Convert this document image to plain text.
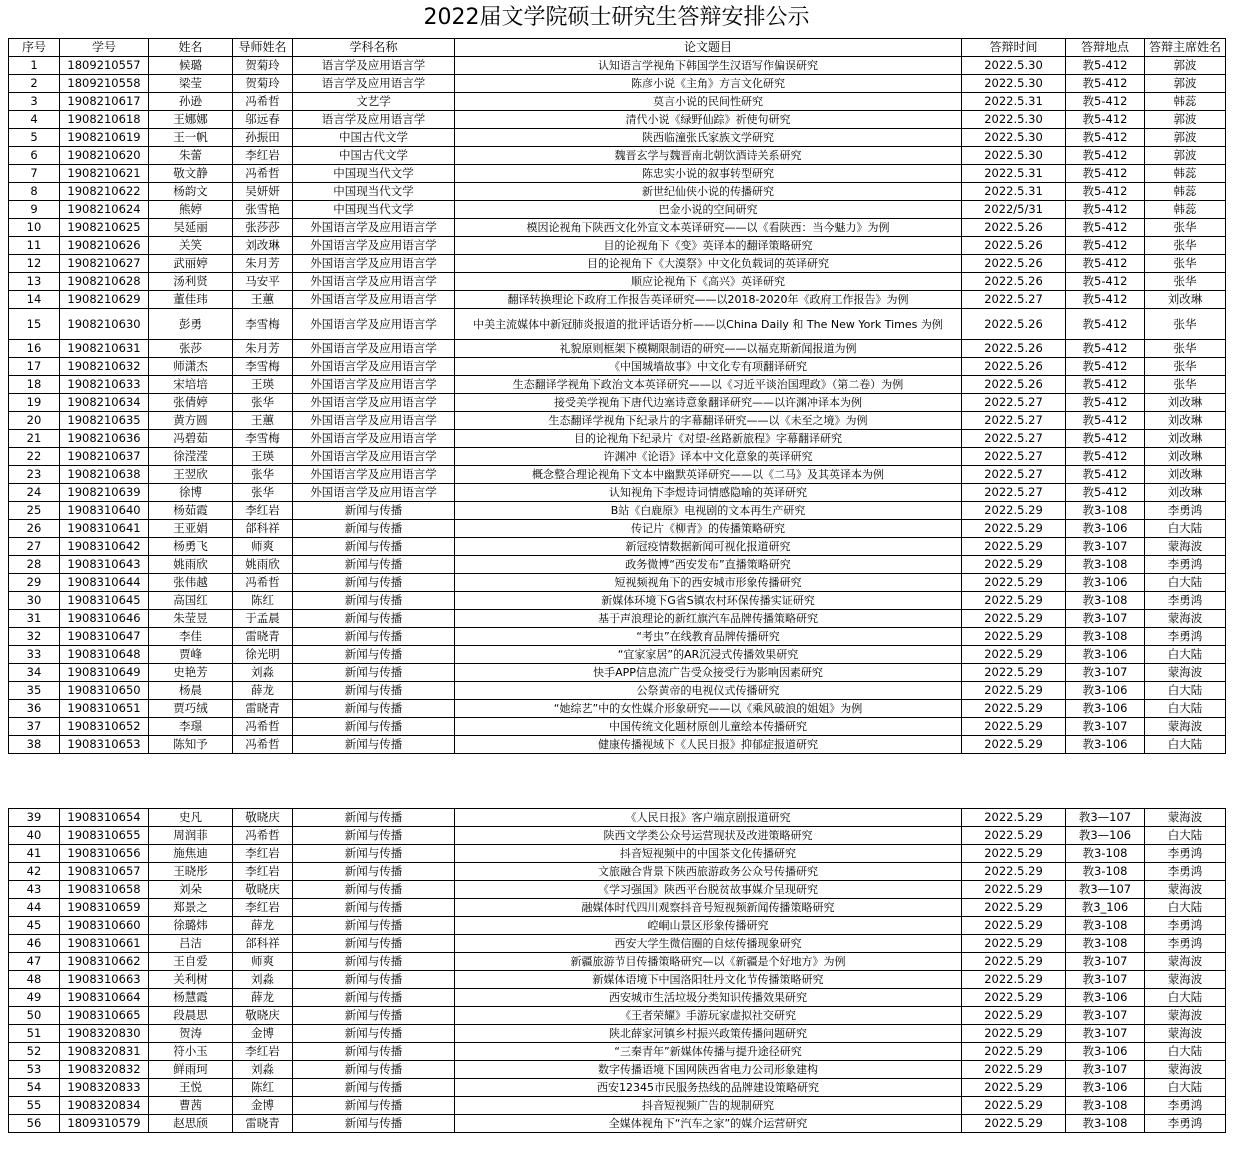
2022届文学院硕士研究生答辩安排公示
序号	学号	姓名	导师姓名	学科名称	论文题目	答辩时间	答辩地点	答辩主席姓名
1	1809210557	候璐	贺菊玲	语言学及应用语言学	认知语言学视角下韩国学生汉语写作偏误研究	2022.5.30	教5-412	郭波
2	1809210558	梁莹	贺菊玲	语言学及应用语言学	陈彦小说《主角》方言文化研究	2022.5.30	教5-412	郭波
3	1908210617	孙逊	冯希哲	文艺学	莫言小说的民间性研究	2022.5.31	教5-412	韩蕊
4	1908210618	王娜娜	邬远春	语言学及应用语言学	清代小说《绿野仙踪》祈使句研究	2022.5.30	教5-412	郭波
5	1908210619	王一帆	孙振田	中国古代文学	陕西临潼张氏家族文学研究	2022.5.30	教5-412	郭波
6	1908210620	朱蕾	李红岩	中国古代文学	魏晋玄学与魏晋南北朝饮酒诗关系研究	2022.5.30	教5-412	郭波
7	1908210621	敬文静	冯希哲	中国现当代文学	陈忠实小说的叙事转型研究	2022.5.31	教5-412	韩蕊
8	1908210622	杨韵文	吴妍妍	中国现当代文学	新世纪仙侠小说的传播研究	2022.5.31	教5-412	韩蕊
9	1908210624	熊婷	张雪艳	中国现当代文学	巴金小说的空间研究	2022/5/31	教5-412	韩蕊
10	1908210625	吴延丽	张莎莎	外国语言学及应用语言学	模因论视角下陕西文化外宣文本英译研究——以《看陕西：当今魅力》为例	2022.5.26	教5-412	张华
11	1908210626	关笑	刘改琳	外国语言学及应用语言学	目的论视角下《变》英译本的翻译策略研究	2022.5.26	教5-412	张华
12	1908210627	武丽婷	朱月芳	外国语言学及应用语言学	目的论视角下《大漠祭》中文化负载词的英译研究	2022.5.26	教5-412	张华
13	1908210628	汤利贤	马安平	外国语言学及应用语言学	顺应论视角下《高兴》英译研究	2022.5.26	教5-412	张华
14	1908210629	董佳玮	王蕙	外国语言学及应用语言学	翻译转换理论下政府工作报告英译研究——以2018-2020年《政府工作报告》为例	2022.5.27	教5-412	刘改琳
15	1908210630	彭勇	李雪梅	外国语言学及应用语言学	中美主流媒体中新冠肺炎报道的批评话语分析——以China Daily 和 The New York Times 为例	2022.5.26	教5-412	张华
16	1908210631	张莎	朱月芳	外国语言学及应用语言学	礼貌原则框架下模糊限制语的研究——以福克斯新闻报道为例	2022.5.26	教5-412	张华
17	1908210632	师潇杰	李雪梅	外国语言学及应用语言学	《中国城墙故事》中文化专有项翻译研究	2022.5.26	教5-412	张华
18	1908210633	宋培培	王瑛	外国语言学及应用语言学	生态翻译学视角下政治文本英译研究——以《习近平谈治国理政》（第二卷）为例	2022.5.26	教5-412	张华
19	1908210634	张倩婷	张华	外国语言学及应用语言学	接受美学视角下唐代边塞诗意象翻译研究——以许渊冲译本为例	2022.5.27	教5-412	刘改琳
20	1908210635	黄方圆	王蕙	外国语言学及应用语言学	生态翻译学视角下纪录片的字幕翻译研究——以《未至之境》为例	2022.5.27	教5-412	刘改琳
21	1908210636	冯碧茹	李雪梅	外国语言学及应用语言学	目的论视角下纪录片《对望-丝路新旅程》字幕翻译研究	2022.5.27	教5-412	刘改琳
22	1908210637	徐滢滢	王瑛	外国语言学及应用语言学	许渊冲《论语》译本中文化意象的英译研究	2022.5.27	教5-412	刘改琳
23	1908210638	王翌欣	张华	外国语言学及应用语言学	概念整合理论视角下文本中幽默英译研究——以《二马》及其英译本为例	2022.5.27	教5-412	刘改琳
24	1908210639	徐博	张华	外国语言学及应用语言学	认知视角下李煜诗词情感隐喻的英译研究	2022.5.27	教5-412	刘改琳
25	1908310640	杨茹霞	李红岩	新闻与传播	B站《白鹿原》电视剧的文本再生产研究	2022.5.29	教3-108	李勇鸿
26	1908310641	王亚娟	郃科祥	新闻与传播	传记片《柳青》的传播策略研究	2022.5.29	教3-106	白大陆
27	1908310642	杨勇飞	师爽	新闻与传播	新冠疫情数据新闻可视化报道研究	2022.5.29	教3-107	蒙海波
28	1908310643	姚雨欣	姚雨欣	新闻与传播	政务微博“西安发布”直播策略研究	2022.5.29	教3-108	李勇鸿
29	1908310644	张伟越	冯希哲	新闻与传播	短视频视角下的西安城市形象传播研究	2022.5.29	教3-106	白大陆
30	1908310645	高国红	陈红	新闻与传播	新媒体环境下G省S镇农村环保传播实证研究	2022.5.29	教3-108	李勇鸿
31	1908310646	朱莹昱	于孟晨	新闻与传播	基于声浪理论的新红旗汽车品牌传播策略研究	2022.5.29	教3-107	蒙海波
32	1908310647	李佳	雷晓青	新闻与传播	“考虫”在线教育品牌传播研究	2022.5.29	教3-108	李勇鸿
33	1908310648	贾峰	徐光明	新闻与传播	“宜家家居”的AR沉浸式传播效果研究	2022.5.29	教3-106	白大陆
34	1908310649	史艳芳	刘淼	新闻与传播	快手APP信息流广告受众接受行为影响因素研究	2022.5.29	教3-107	蒙海波
35	1908310650	杨晨	薛龙	新闻与传播	公祭黄帝的电视仪式传播研究	2022.5.29	教3-106	白大陆
36	1908310651	贾巧绒	雷晓青	新闻与传播	“她综艺”中的女性媒介形象研究——以《乘风破浪的姐姐》为例	2022.5.29	教3-106	白大陆
37	1908310652	李璟	冯希哲	新闻与传播	中国传统文化题材原创儿童绘本传播研究	2022.5.29	教3-107	蒙海波
38	1908310653	陈知予	冯希哲	新闻与传播	健康传播视域下《人民日报》抑郁症报道研究	2022.5.29	教3-106	白大陆
39	1908310654	史凡	敬晓庆	新闻与传播	《人民日报》客户端京剧报道研究	2022.5.29	教3—107	蒙海波
40	1908310655	周润菲	冯希哲	新闻与传播	陕西文学类公众号运营现状及改进策略研究	2022.5.29	教3—106	白大陆
41	1908310656	施焦迪	李红岩	新闻与传播	抖音短视频中的中国茶文化传播研究	2022.5.29	教3-108	李勇鸿
42	1908310657	王晓彤	李红岩	新闻与传播	文旅融合背景下陕西旅游政务公众号传播研究	2022.5.29	教3-108	李勇鸿
43	1908310658	刘朵	敬晓庆	新闻与传播	《学习强国》陕西平台脱贫故事媒介呈现研究	2022.5.29	教3—107	蒙海波
44	1908310659	郑景之	李红岩	新闻与传播	融媒体时代四川观察抖音号短视频新闻传播策略研究	2022.5.29	教3_106	白大陆
45	1908310660	徐璐炜	薛龙	新闻与传播	崆峒山景区形象传播研究	2022.5.29	教3-108	李勇鸿
46	1908310661	吕洁	郃科祥	新闻与传播	西安大学生微信圈的自炫传播现象研究	2022.5.29	教3-108	李勇鸿
47	1908310662	王自爱	师爽	新闻与传播	新疆旅游节目传播策略研究—以《新疆是个好地方》为例	2022.5.29	教3-107	蒙海波
48	1908310663	关利树	刘淼	新闻与传播	新媒体语境下中国洛阳牡丹文化节传播策略研究	2022.5.29	教3-107	蒙海波
49	1908310664	杨慧霞	薛龙	新闻与传播	西安城市生活垃圾分类知识传播效果研究	2022.5.29	教3-106	白大陆
50	1908310665	段晨思	敬晓庆	新闻与传播	《王者荣耀》手游玩家虚拟社交研究	2022.5.29	教3-107	蒙海波
51	1908320830	贺涛	金博	新闻与传播	陕北薛家河镇乡村振兴政策传播问题研究	2022.5.29	教3-107	蒙海波
52	1908320831	符小玉	李红岩	新闻与传播	“三秦青年”新媒体传播与提升途径研究	2022.5.29	教3-106	白大陆
53	1908320832	鲜雨珂	刘淼	新闻与传播	数字传播语境下国网陕西省电力公司形象建构	2022.5.29	教3-107	蒙海波
54	1908320833	王悦	陈红	新闻与传播	西安12345市民服务热线的品牌建设策略研究	2022.5.29	教3-106	白大陆
55	1908320834	曹茜	金博	新闻与传播	抖音短视频广告的规制研究	2022.5.29	教3-108	李勇鸿
56	1809310579	赵思颀	雷晓青	新闻与传播	全媒体视角下“汽车之家”的媒介运营研究	2022.5.29	教3-108	李勇鸿
